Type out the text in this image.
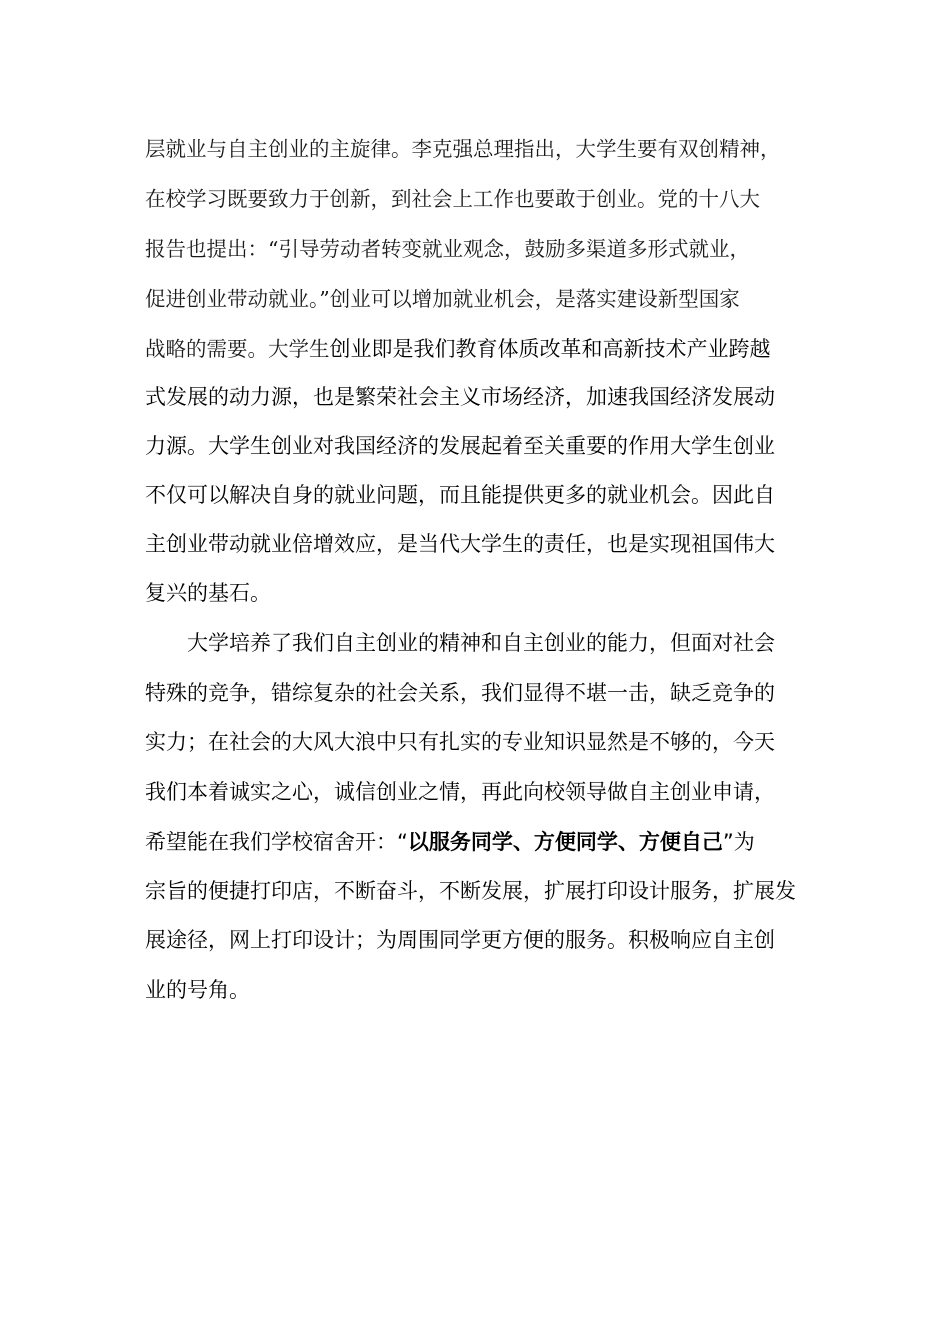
层就业与自主创业的主旋律。李克强总理指出，大学生要有双创精神，
在校学习既要致力于创新，到社会上工作也要敢于创业。党的十八大
报告也提出：“引导劳动者转变就业观念，鼓励多渠道多形式就业，
促进创业带动就业。”创业可以增加就业机会，是落实建设新型国家
战略的需要。大学生创业即是我们教育体质改革和高新技术产业跨越
式发展的动力源，也是繁荣社会主义市场经济，加速我国经济发展动
力源。大学生创业对我国经济的发展起着至关重要的作用大学生创业
不仅可以解决自身的就业问题，而且能提供更多的就业机会。因此自
主创业带动就业倍增效应，是当代大学生的责任，也是实现祖国伟大
复兴的基石。
大学培养了我们自主创业的精神和自主创业的能力，但面对社会
特殊的竞争，错综复杂的社会关系，我们显得不堪一击，缺乏竞争的
实力；在社会的大风大浪中只有扎实的专业知识显然是不够的，今天
我们本着诚实之心，诚信创业之情，再此向校领导做自主创业申请，
希望能在我们学校宿舍开：“以服务同学、方便同学、方便自己”为
宗旨的便捷打印店，不断奋斗，不断发展，扩展打印设计服务，扩展发
展途径，网上打印设计；为周围同学更方便的服务。积极响应自主创
业的号角。
